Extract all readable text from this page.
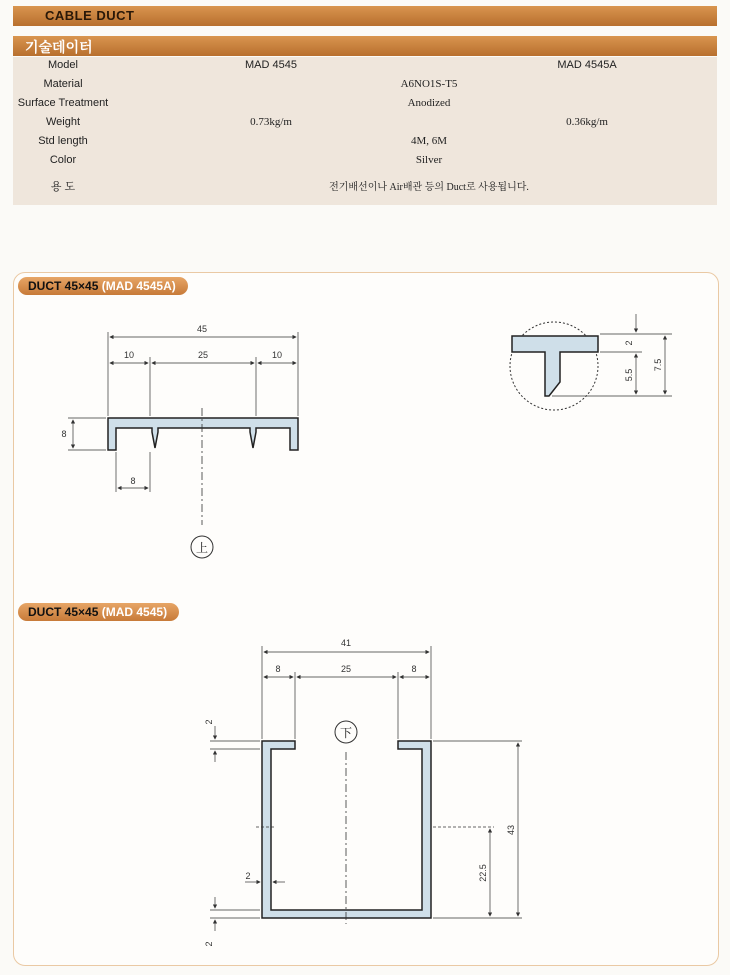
CABLE DUCT
기술데이터
Model	MAD 4545	MAD 4545A
Material	A6NO1S-T5
Surface Treatment	Anodized
Weight	0.73kg/m	0.36kg/m
Std length	4M, 6M
Color	Silver
용 도	전기배선이나 Air배관 등의 Duct로 사용됩니다.
DUCT 45×45 (MAD 4545A)
DUCT 45×45 (MAD 4545)
45
10	25	10
8
8
上
2
5.5
7.5
41
8	25	8
43
22.5
2
2
2
下
